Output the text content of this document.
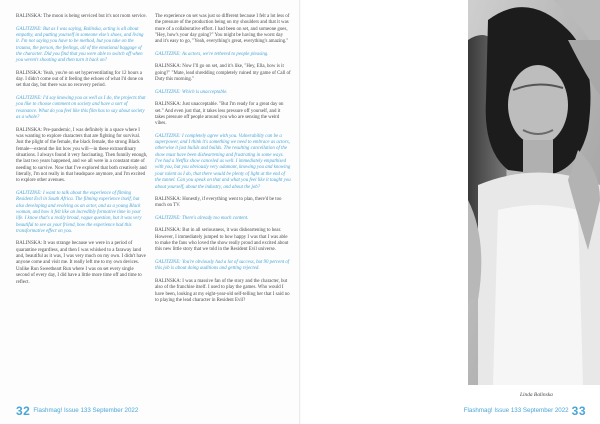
BALINSKA: The moon is being serviced but it's not room service.

GALITZINE: But as I was saying, Balinska, acting is all about empathy, and putting yourself in someone else's shoes, and living it. I'm not saying you have to be method, but you take on the trauma, the person, the feelings, all of the emotional baggage of the character. Did you find that you were able to switch off when you weren't shooting and then turn it back on?

BALINSKA: Yeah, you're on set hyperventilating for 12 hours a day. I didn't come out of it feeling the echoes of what I'd done on set that day, but there was no recovery period.

GALITZINE: I'd say knowing you as well as I do, the projects that you like to choose comment on society and have a sort of resonance. What do you feel like this film has to say about society as a whole?

BALINSKA: Pre-pandemic, I was definitely in a space where I was wanting to explore characters that are fighting for survival. Just the plight of the female, the black female, the strong Black female—extend the list how you will—in these extraordinary situations. I always found it very fascinating. Then funnily enough, the last two years happened, and we all were in a constant state of needing to survive. Now that I've explored that both creatively and literally, I'm not really in that headspace anymore, and I'm excited to explore other avenues.

GALITZINE: I want to talk about the experience of filming Resident Evil in South Africa. The filming experience itself, but also developing and evolving as an actor, and as a young Black woman, and how it felt like an incredibly formative time in your life. I know that's a really broad, vague question, but it was very beautiful to see as your friend, how the experience had this transformative effect on you.

BALINSKA: It was strange because we were in a period of quarantine regardless, and then I was whisked to a faraway land and, beautiful as it was, I was very much on my own. I didn't have anyone come and visit me. It really left me to my own devices. Unlike Run Sweetheart Run where I was on set every single second of every day, I did have a little more time off and time to reflect.

The experience on set was just so different because I felt a lot less of the pressure of the production being on my shoulders and that it was more of a collaborative effort. I had been on set, and someone goes, "Hey, how's your day going?" You might be having the worst day and it's easy to go, "Yeah, everything's great, everything's amazing."

GALITZINE: As actors, we're tethered to people pleasing.

BALINSKA: Now I'll go on set, and it's like, "Hey, Ella, how is it going?" "Mate, lead shredding completely ruined my game of Call of Duty this morning."

GALITZINE: Which is unacceptable.

BALINSKA: Just unacceptable. "But I'm ready for a great day on set." And even just that, it takes less pressure off yourself, and it takes pressure off people around you who are sensing the weird vibes.

GALITZINE: I completely agree with you. Vulnerability can be a superpower, and I think it's something we need to embrace as actors, otherwise it just builds and builds. The resulting cancellation of the show must have been disheartening and frustrating in some ways. I've had a Netflix show canceled as well. I immediately empathised with you, but you obviously very adamant, knowing you and knowing your talent as I do, that there would be plenty of light at the end of the tunnel. Can you speak on that and what you feel like it taught you about yourself, about the industry, and about the job?

BALINSKA: Honestly, if everything went to plan, there'd be too much on TV.

GALITZINE: There's already too much content.

BALINSKA: But in all seriousness, it was disheartening to hear. However, I immediately jumped to how happy I was that I was able to make the fans who loved the show really proud and excited about this new little story that we told in the Resident Evil universe.

GALITZINE: You're obviously had a lot of success, but 90 percent of this job is about doing auditions and getting rejected.

BALINSKA: I was a massive fan of the story and the character, but also of the franchise itself. I used to play the games. Who would I have been, looking at my eight-year-old self-telling her that I said no to playing the lead character in Resident Evil?

Linda Balinska
32 Flashmag! Issue 133 September 2022	Flashmag! Issue 133 September 2022 33
